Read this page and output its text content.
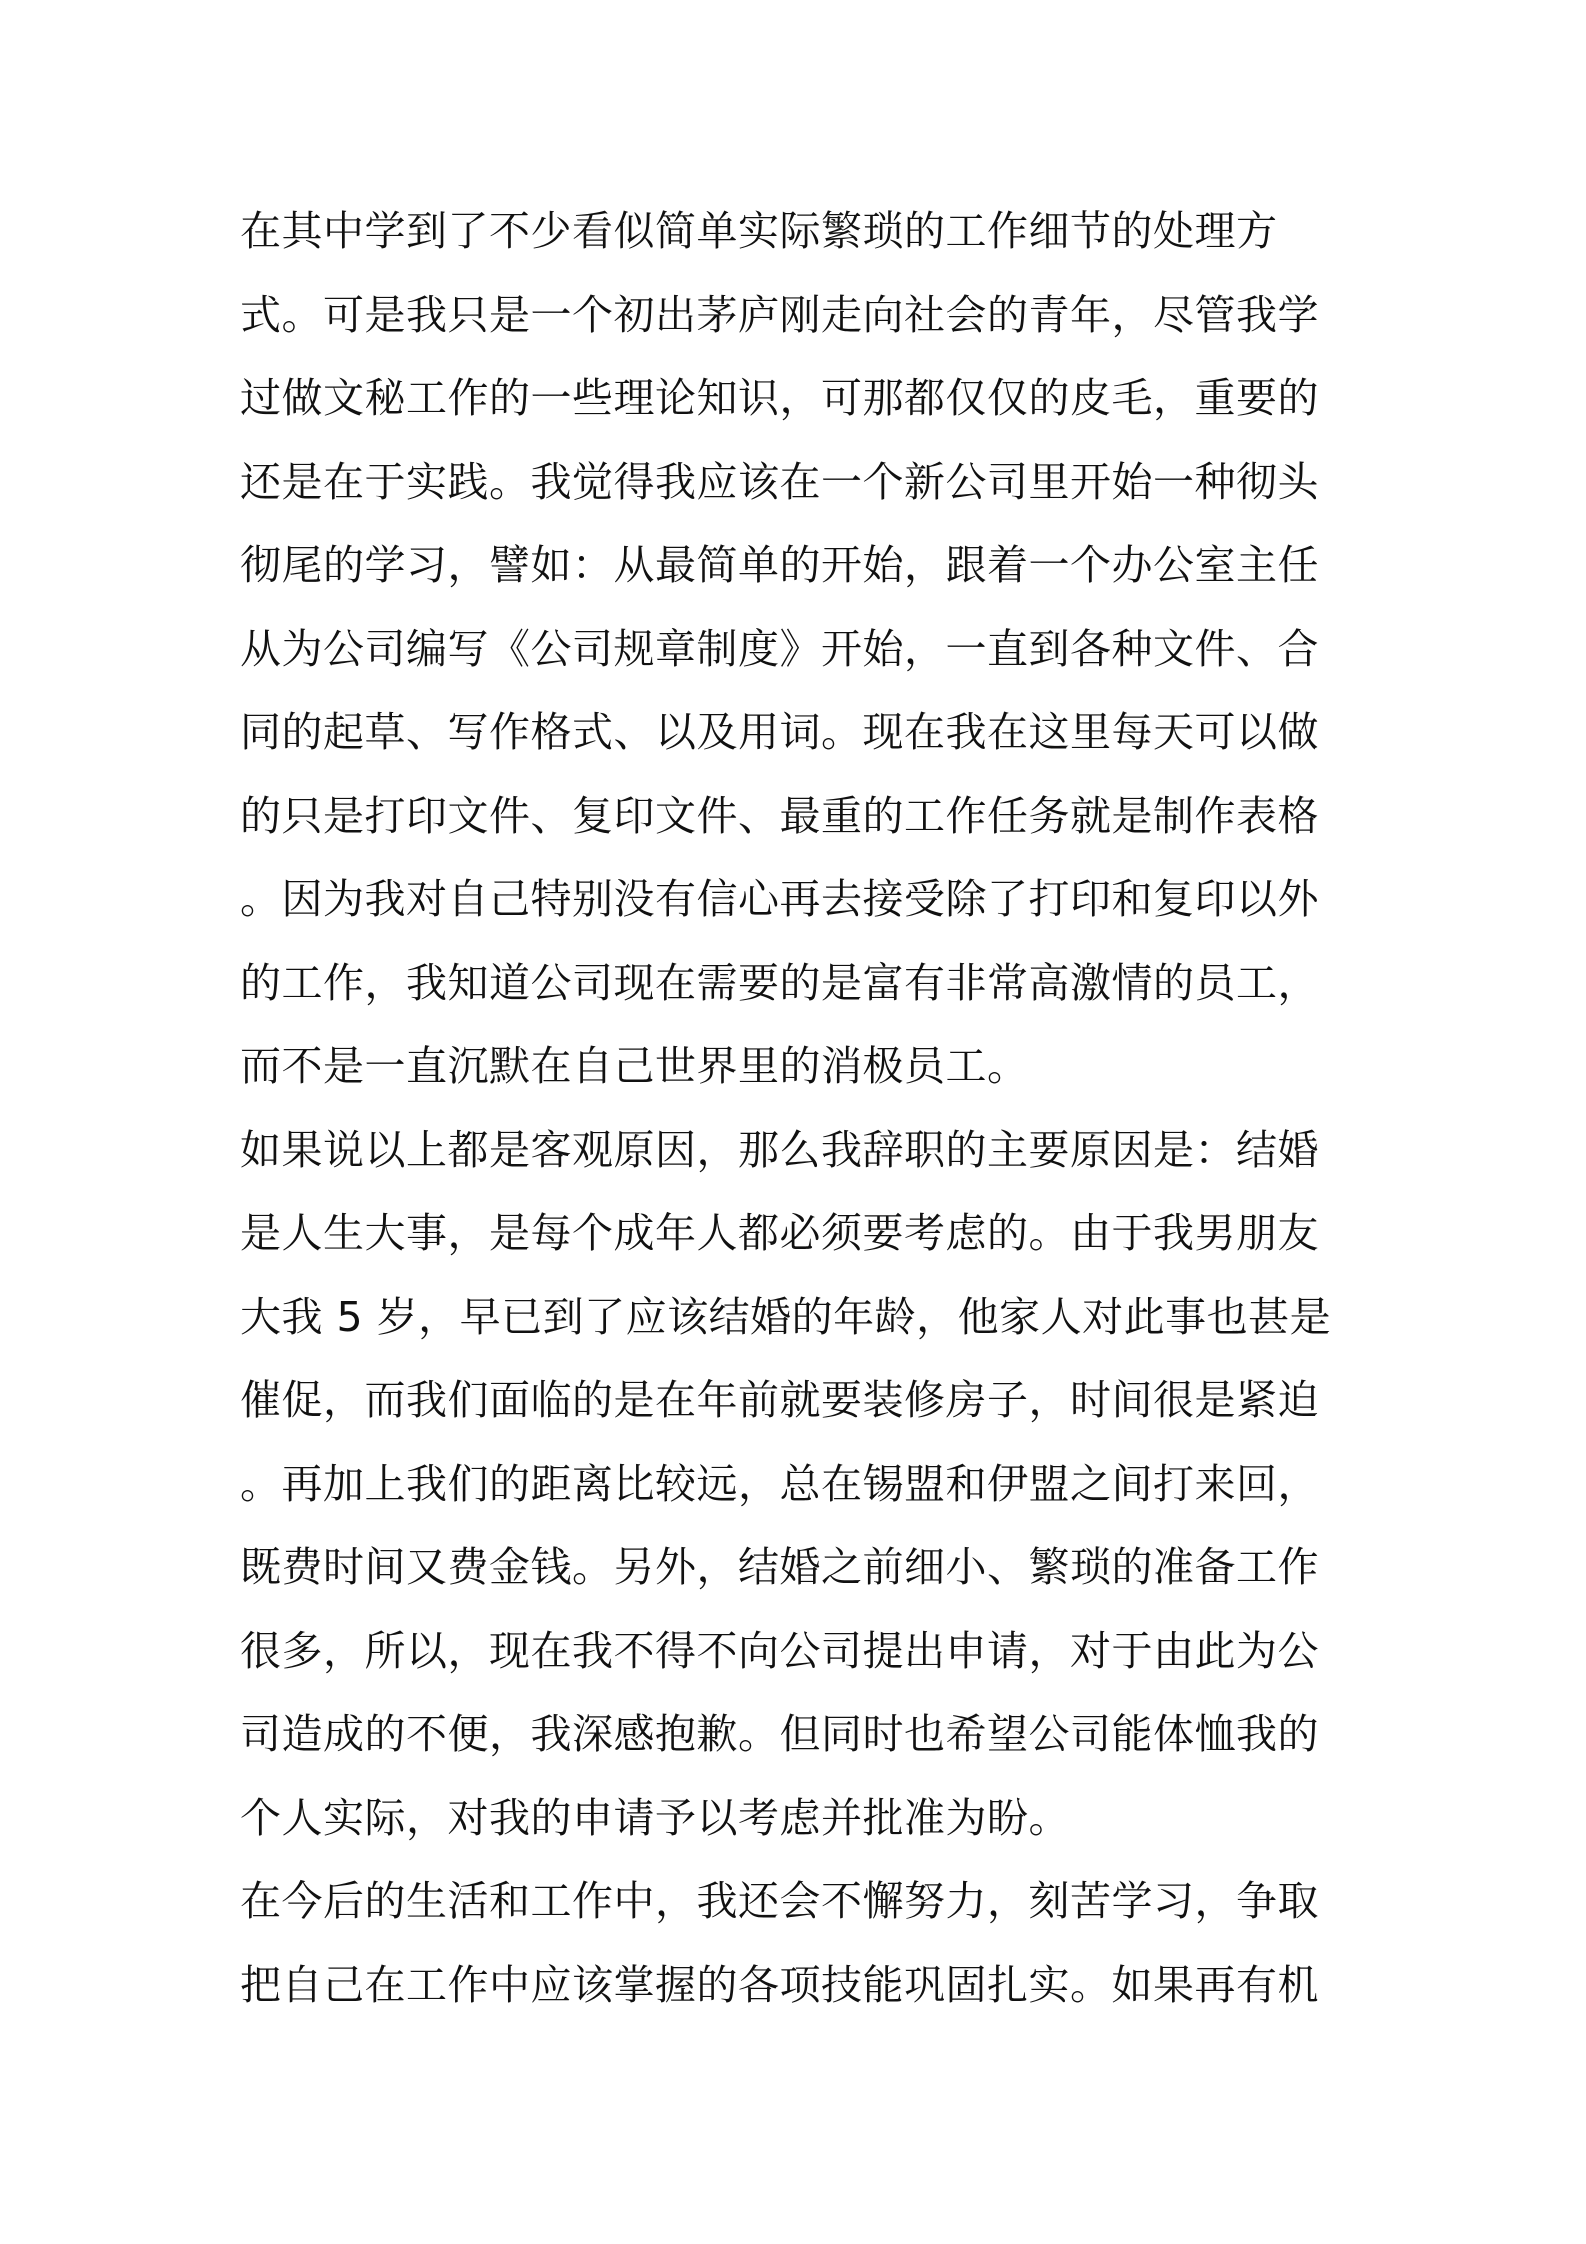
在其中学到了不少看似简单实际繁琐的工作细节的处理方
式。可是我只是一个初出茅庐刚走向社会的青年，尽管我学
过做文秘工作的一些理论知识，可那都仅仅的皮毛，重要的
还是在于实践。我觉得我应该在一个新公司里开始一种彻头
彻尾的学习，譬如：从最简单的开始，跟着一个办公室主任
从为公司编写《公司规章制度》开始，一直到各种文件、合
同的起草、写作格式、以及用词。现在我在这里每天可以做
的只是打印文件、复印文件、最重的工作任务就是制作表格
。因为我对自己特别没有信心再去接受除了打印和复印以外
的工作，我知道公司现在需要的是富有非常高激情的员工，
而不是一直沉默在自己世界里的消极员工。
如果说以上都是客观原因，那么我辞职的主要原因是：结婚
是人生大事，是每个成年人都必须要考虑的。由于我男朋友
大我 5 岁，早已到了应该结婚的年龄，他家人对此事也甚是
催促，而我们面临的是在年前就要装修房子，时间很是紧迫
。再加上我们的距离比较远，总在锡盟和伊盟之间打来回，
既费时间又费金钱。另外，结婚之前细小、繁琐的准备工作
很多，所以，现在我不得不向公司提出申请，对于由此为公
司造成的不便，我深感抱歉。但同时也希望公司能体恤我的
个人实际，对我的申请予以考虑并批准为盼。
在今后的生活和工作中，我还会不懈努力，刻苦学习，争取
把自己在工作中应该掌握的各项技能巩固扎实。如果再有机
